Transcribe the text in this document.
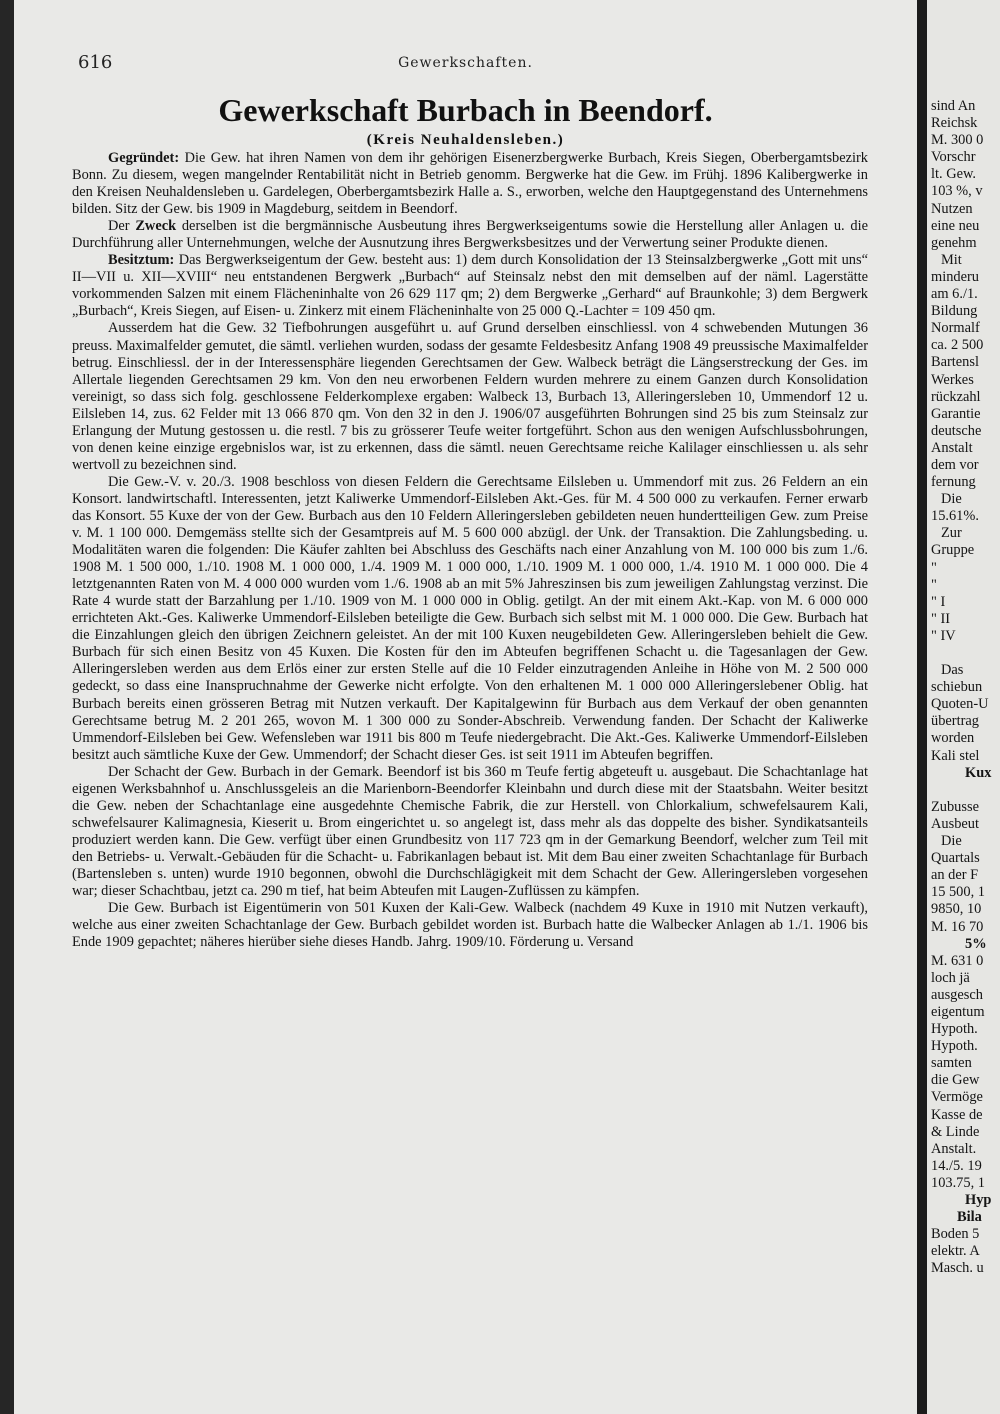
616	Gewerkschaften.
Gewerkschaft Burbach in Beendorf.
(Kreis Neuhaldensleben.)

Gegründet: Die Gew. hat ihren Namen von dem ihr gehörigen Eisenerzbergwerke Burbach, Kreis Siegen, Oberbergamtsbezirk Bonn. Zu diesem, wegen mangelnder Rentabilität nicht in Betrieb genomm. Bergwerke hat die Gew. im Frühj. 1896 Kalibergwerke in den Kreisen Neuhaldensleben u. Gardelegen, Oberbergamtsbezirk Halle a. S., erworben, welche den Hauptgegenstand des Unternehmens bilden. Sitz der Gew. bis 1909 in Magdeburg, seitdem in Beendorf.

Der Zweck derselben ist die bergmännische Ausbeutung ihres Bergwerkseigentums sowie die Herstellung aller Anlagen u. die Durchführung aller Unternehmungen, welche der Ausnutzung ihres Bergwerksbesitzes und der Verwertung seiner Produkte dienen.

Besitztum: Das Bergwerkseigentum der Gew. besteht aus: 1) dem durch Konsolidation der 13 Steinsalzbergwerke „Gott mit uns“ II—VII u. XII—XVIII“ neu entstandenen Bergwerk „Burbach“ auf Steinsalz nebst den mit demselben auf der näml. Lagerstätte vorkommenden Salzen mit einem Flächeninhalte von 26 629 117 qm; 2) dem Bergwerke „Gerhard“ auf Braunkohle; 3) dem Bergwerk „Burbach“, Kreis Siegen, auf Eisen- u. Zinkerz mit einem Flächeninhalte von 25 000 Q.-Lachter = 109 450 qm.

Ausserdem hat die Gew. 32 Tiefbohrungen ausgeführt u. auf Grund derselben einschliessl. von 4 schwebenden Mutungen 36 preuss. Maximalfelder gemutet, die sämtl. verliehen wurden, sodass der gesamte Feldesbesitz Anfang 1908 49 preussische Maximalfelder betrug. Einschliessl. der in der Interessensphäre liegenden Gerechtsamen der Gew. Walbeck beträgt die Längserstreckung der Ges. im Allertale liegenden Gerechtsamen 29 km. Von den neu erworbenen Feldern wurden mehrere zu einem Ganzen durch Konsolidation vereinigt, so dass sich folg. geschlossene Felderkomplexe ergaben: Walbeck 13, Burbach 13, Alleringersleben 10, Ummendorf 12 u. Eilsleben 14, zus. 62 Felder mit 13 066 870 qm. Von den 32 in den J. 1906/07 ausgeführten Bohrungen sind 25 bis zum Steinsalz zur Erlangung der Mutung gestossen u. die restl. 7 bis zu grösserer Teufe weiter fortgeführt. Schon aus den wenigen Aufschlussbohrungen, von denen keine einzige ergebnislos war, ist zu erkennen, dass die sämtl. neuen Gerechtsame reiche Kalilager einschliessen u. als sehr wertvoll zu bezeichnen sind.

Die Gew.-V. v. 20./3. 1908 beschloss von diesen Feldern die Gerechtsame Eilsleben u. Ummendorf mit zus. 26 Feldern an ein Konsort. landwirtschaftl. Interessenten, jetzt Kaliwerke Ummendorf-Eilsleben Akt.-Ges. für M. 4 500 000 zu verkaufen. Ferner erwarb das Konsort. 55 Kuxe der von der Gew. Burbach aus den 10 Feldern Alleringersleben gebildeten neuen hundertteiligen Gew. zum Preise v. M. 1 100 000. Demgemäss stellte sich der Gesamtpreis auf M. 5 600 000 abzügl. der Unk. der Transaktion. Die Zahlungsbeding. u. Modalitäten waren die folgenden: Die Käufer zahlten bei Abschluss des Geschäfts nach einer Anzahlung von M. 100 000 bis zum 1./6. 1908 M. 1 500 000, 1./10. 1908 M. 1 000 000, 1./4. 1909 M. 1 000 000, 1./10. 1909 M. 1 000 000, 1./4. 1910 M. 1 000 000. Die 4 letztgenannten Raten von M. 4 000 000 wurden vom 1./6. 1908 ab an mit 5% Jahreszinsen bis zum jeweiligen Zahlungstag verzinst. Die Rate 4 wurde statt der Barzahlung per 1./10. 1909 von M. 1 000 000 in Oblig. getilgt. An der mit einem Akt.-Kap. von M. 6 000 000 errichteten Akt.-Ges. Kaliwerke Ummendorf-Eilsleben beteiligte die Gew. Burbach sich selbst mit M. 1 000 000. Die Gew. Burbach hat die Einzahlungen gleich den übrigen Zeichnern geleistet. An der mit 100 Kuxen neugebildeten Gew. Alleringersleben behielt die Gew. Burbach für sich einen Besitz von 45 Kuxen. Die Kosten für den im Abteufen begriffenen Schacht u. die Tagesanlagen der Gew. Alleringersleben werden aus dem Erlös einer zur ersten Stelle auf die 10 Felder einzutragenden Anleihe in Höhe von M. 2 500 000 gedeckt, so dass eine Inanspruchnahme der Gewerke nicht erfolgte. Von den erhaltenen M. 1 000 000 Alleringerslebener Oblig. hat Burbach bereits einen grösseren Betrag mit Nutzen verkauft. Der Kapitalgewinn für Burbach aus dem Verkauf der oben genannten Gerechtsame betrug M. 2 201 265, wovon M. 1 300 000 zu Sonder-Abschreib. Verwendung fanden. Der Schacht der Kaliwerke Ummendorf-Eilsleben bei Gew. Wefensleben war 1911 bis 800 m Teufe niedergebracht. Die Akt.-Ges. Kaliwerke Ummendorf-Eilsleben besitzt auch sämtliche Kuxe der Gew. Ummendorf; der Schacht dieser Ges. ist seit 1911 im Abteufen begriffen.

Der Schacht der Gew. Burbach in der Gemark. Beendorf ist bis 360 m Teufe fertig abgeteuft u. ausgebaut. Die Schachtanlage hat eigenen Werksbahnhof u. Anschlussgeleis an die Marienborn-Beendorfer Kleinbahn und durch diese mit der Staatsbahn. Weiter besitzt die Gew. neben der Schachtanlage eine ausgedehnte Chemische Fabrik, die zur Herstell. von Chlorkalium, schwefelsaurem Kali, schwefelsaurer Kalimagnesia, Kieserit u. Brom eingerichtet u. so angelegt ist, dass mehr als das doppelte des bisher. Syndikatsanteils produziert werden kann. Die Gew. verfügt über einen Grundbesitz von 117 723 qm in der Gemarkung Beendorf, welcher zum Teil mit den Betriebs- u. Verwalt.-Gebäuden für die Schacht- u. Fabrikanlagen bebaut ist. Mit dem Bau einer zweiten Schachtanlage für Burbach (Bartensleben s. unten) wurde 1910 begonnen, obwohl die Durchschlägigkeit mit dem Schacht der Gew. Alleringersleben vorgesehen war; dieser Schachtbau, jetzt ca. 290 m tief, hat beim Abteufen mit Laugen-Zuflüssen zu kämpfen.

Die Gew. Burbach ist Eigentümerin von 501 Kuxen der Kali-Gew. Walbeck (nachdem 49 Kuxe in 1910 mit Nutzen verkauft), welche aus einer zweiten Schachtanlage der Gew. Burbach gebildet worden ist. Burbach hatte die Walbecker Anlagen ab 1./1. 1906 bis Ende 1909 gepachtet; näheres hierüber siehe dieses Handb. Jahrg. 1909/10. Förderung u. Versand

sind An
Reichsk
M. 300 0
Vorschr
lt. Gew.
103 %, v
Nutzen
eine neu
genehm
Mit
minderu
am 6./1.
Bildung
Normalf
ca. 2 500
Bartensl
Werkes
rückzahl
Garantie
deutsche
Anstalt
dem vor
fernung
Die
15.61%.
Zur
Gruppe
"
"
" I
" II
" IV

Das
schiebun
Quoten-U
übertrag
worden
Kali stel
Kux

Zubusse
Ausbeut
Die
Quartals
an der F
15 500, 1
9850, 10
M. 16 70
5%
M. 631 0
loch jä
ausgesch
eigentum
Hypoth.
Hypoth.
samten
die Gew
Vermöge
Kasse de
& Linde
Anstalt.
14./5. 19
103.75, 1
Hyp
Bila
Boden 5
elektr. A
Masch. u
